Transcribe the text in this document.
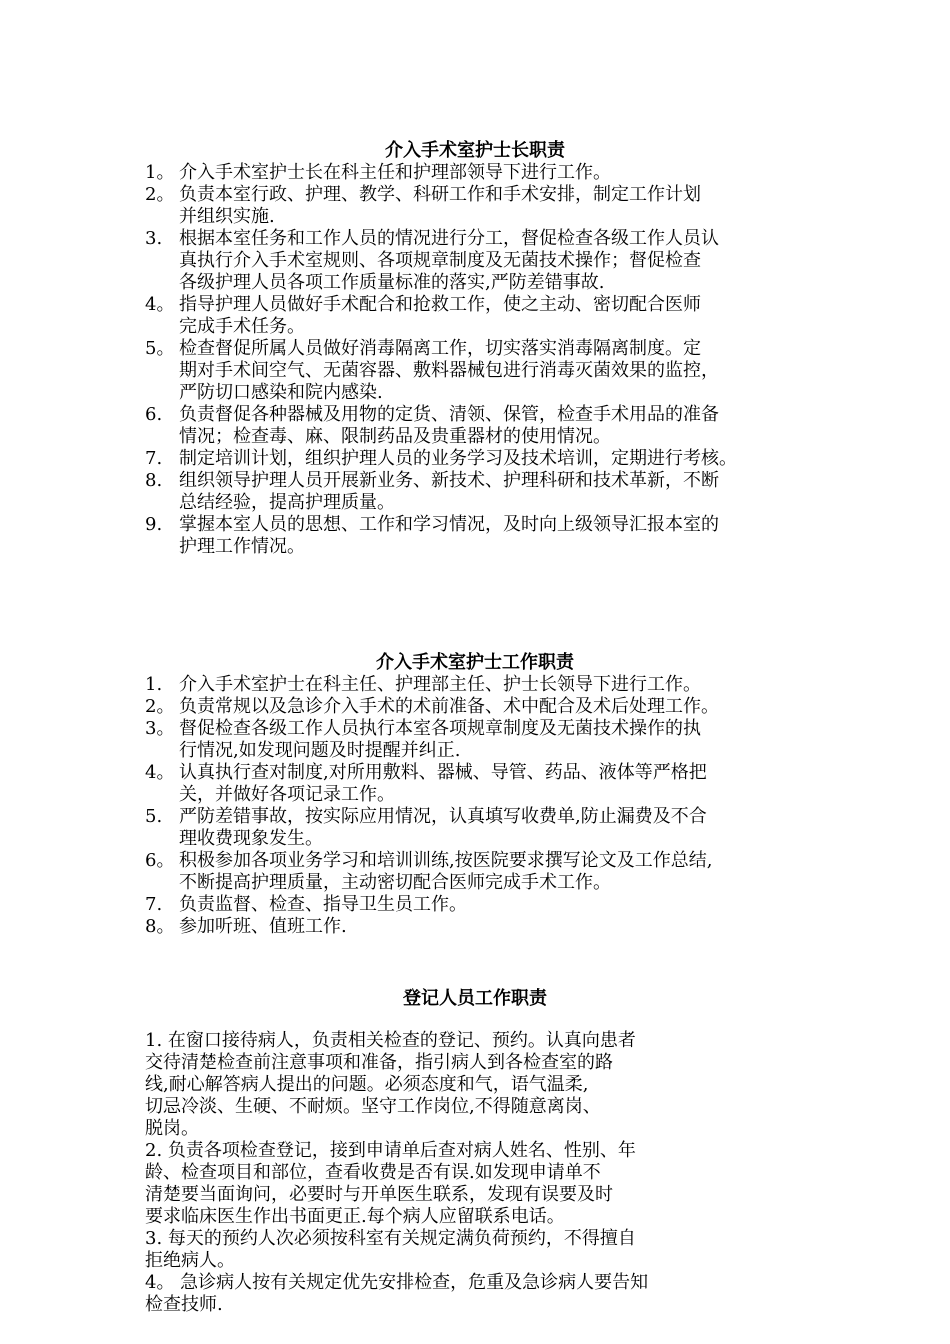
介入手术室护士长职责
1。 介入手术室护士长在科主任和护理部领导下进行工作。
2。 负责本室行政、护理、教学、科研工作和手术安排，制定工作计划
并组织实施.
3. 根据本室任务和工作人员的情况进行分工，督促检查各级工作人员认
真执行介入手术室规则、各项规章制度及无菌技术操作；督促检查
各级护理人员各项工作质量标准的落实,严防差错事故.
4。 指导护理人员做好手术配合和抢救工作，使之主动、密切配合医师
完成手术任务。
5。 检查督促所属人员做好消毒隔离工作，切实落实消毒隔离制度。定
期对手术间空气、无菌容器、敷料器械包进行消毒灭菌效果的监控，
严防切口感染和院内感染.
6. 负责督促各种器械及用物的定货、清领、保管，检查手术用品的准备
情况；检查毒、麻、限制药品及贵重器材的使用情况。
7. 制定培训计划，组织护理人员的业务学习及技术培训，定期进行考核。
8. 组织领导护理人员开展新业务、新技术、护理科研和技术革新，不断
总结经验，提高护理质量。
9. 掌握本室人员的思想、工作和学习情况，及时向上级领导汇报本室的
护理工作情况。
介入手术室护士工作职责
1. 介入手术室护士在科主任、护理部主任、护士长领导下进行工作。
2。 负责常规以及急诊介入手术的术前准备、术中配合及术后处理工作。
3。 督促检查各级工作人员执行本室各项规章制度及无菌技术操作的执
行情况,如发现问题及时提醒并纠正.
4。 认真执行查对制度,对所用敷料、器械、导管、药品、液体等严格把
关，并做好各项记录工作。
5. 严防差错事故，按实际应用情况，认真填写收费单,防止漏费及不合
理收费现象发生。
6。 积极参加各项业务学习和培训训练,按医院要求撰写论文及工作总结,
不断提高护理质量，主动密切配合医师完成手术工作。
7. 负责监督、检查、指导卫生员工作。
8。 参加听班、值班工作.
登记人员工作职责
1. 在窗口接待病人，负责相关检查的登记、预约。认真向患者
交待清楚检查前注意事项和准备，指引病人到各检查室的路
线,耐心解答病人提出的问题。必须态度和气，语气温柔,
切忌冷淡、生硬、不耐烦。坚守工作岗位,不得随意离岗、
脱岗。
2. 负责各项检查登记，接到申请单后查对病人姓名、性别、年
龄、检查项目和部位，查看收费是否有误.如发现申请单不
清楚要当面询问，必要时与开单医生联系，发现有误要及时
要求临床医生作出书面更正.每个病人应留联系电话。
3. 每天的预约人次必须按科室有关规定满负荷预约，不得擅自
拒绝病人。
4。 急诊病人按有关规定优先安排检查，危重及急诊病人要告知
检查技师.
